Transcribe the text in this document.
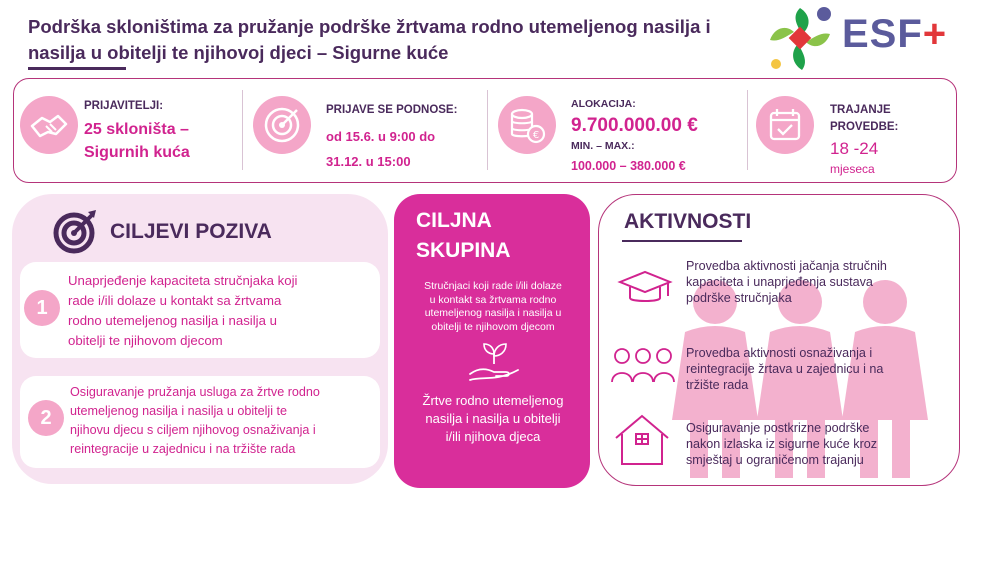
Podrška skloništima za pružanje podrške žrtvama rodno utemeljenog nasilja i
nasilja u obitelji te njihovoj djeci – Sigurne kuće	ESF+
PRIJAVITELJI:
25 skloništa –
Sigurnih kuća
PRIJAVE SE PODNOSE:
od 15.6. u 9:00 do
31.12. u 15:00
€
ALOKACIJA:
9.700.000.00 €
MIN. – MAX.:
100.000 – 380.000 €
TRAJANJE
PROVEDBE:
18 -24
mjeseca
CILJEVI POZIVA
1
Unaprjeđenje kapaciteta stručnjaka koji
rade i/ili dolaze u kontakt sa žrtvama
rodno utemeljenog nasilja i nasilja u
obitelji te njihovom djecom
2
Osiguravanje pružanja usluga za žrtve rodno
utemeljenog nasilja i nasilja u obitelji te
njihovu djecu s ciljem njihovog osnaživanja i
reintegracije u zajednicu i na tržište rada
CILJNA
SKUPINA
Stručnjaci koji rade i/ili dolaze
u kontakt sa žrtvama rodno
utemeljenog nasilja i nasilja u
obitelji te njihovom djecom
Žrtve rodno utemeljenog
nasilja i nasilja u obitelji
i/ili njihova djeca
AKTIVNOSTI
Provedba aktivnosti jačanja stručnih
kapaciteta i unaprjeđenja sustava
podrške stručnjaka
Provedba aktivnosti osnaživanja i
reintegracije žrtava u zajednicu i na
tržište rada
Osiguravanje postkrizne podrške
nakon izlaska iz sigurne kuće kroz
smještaj u ograničenom trajanju
